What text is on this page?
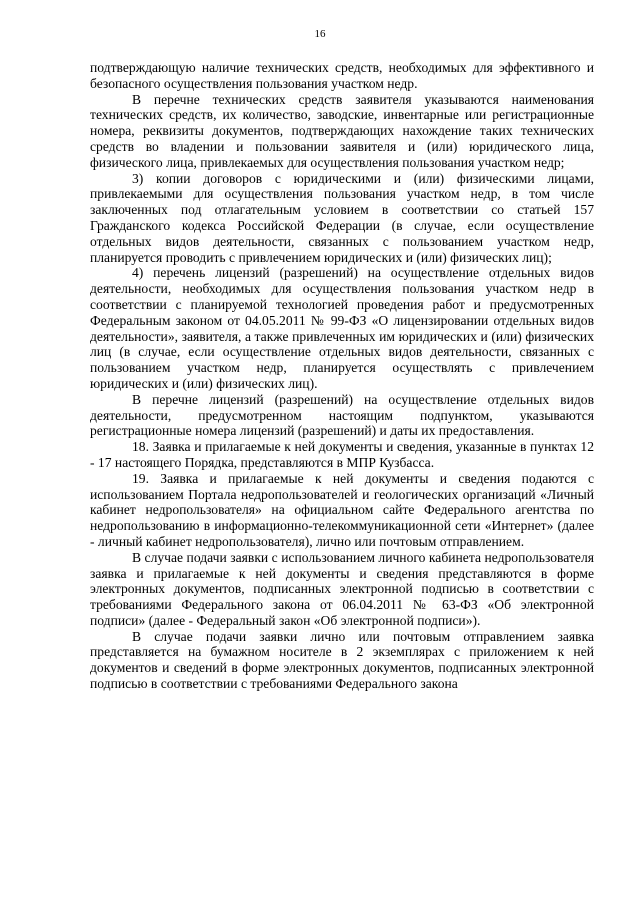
16

подтверждающую наличие технических средств, необходимых для эффективного и безопасного осуществления пользования участком недр.

В перечне технических средств заявителя указываются наименования технических средств, их количество, заводские, инвентарные или регистрационные номера, реквизиты документов, подтверждающих нахождение таких технических средств во владении и пользовании заявителя и (или) юридического лица, физического лица, привлекаемых для осуществления пользования участком недр;

3) копии договоров с юридическими и (или) физическими лицами, привлекаемыми для осуществления пользования участком недр, в том числе заключенных под отлагательным условием в соответствии со статьей 157 Гражданского кодекса Российской Федерации (в случае, если осуществление отдельных видов деятельности, связанных с пользованием участком недр, планируется проводить с привлечением юридических и (или) физических лиц);

4) перечень лицензий (разрешений) на осуществление отдельных видов деятельности, необходимых для осуществления пользования участком недр в соответствии с планируемой технологией проведения работ и предусмотренных Федеральным законом от 04.05.2011 № 99-ФЗ «О лицензировании отдельных видов деятельности», заявителя, а также привлеченных им юридических и (или) физических лиц (в случае, если осуществление отдельных видов деятельности, связанных с пользованием участком недр, планируется осуществлять с привлечением юридических и (или) физических лиц).

В перечне лицензий (разрешений) на осуществление отдельных видов деятельности, предусмотренном настоящим подпунктом, указываются регистрационные номера лицензий (разрешений) и даты их предоставления.

18. Заявка и прилагаемые к ней документы и сведения, указанные в пунктах 12 - 17 настоящего Порядка, представляются в МПР Кузбасса.

19. Заявка и прилагаемые к ней документы и сведения подаются с использованием Портала недропользователей и геологических организаций «Личный кабинет недропользователя» на официальном сайте Федерального агентства по недропользованию в информационно-телекоммуникационной сети «Интернет» (далее - личный кабинет недропользователя), лично или почтовым отправлением.

В случае подачи заявки с использованием личного кабинета недропользователя заявка и прилагаемые к ней документы и сведения представляются в форме электронных документов, подписанных электронной подписью в соответствии с требованиями Федерального закона от 06.04.2011 № 63-ФЗ «Об электронной подписи» (далее - Федеральный закон «Об электронной подписи»).

В случае подачи заявки лично или почтовым отправлением заявка представляется на бумажном носителе в 2 экземплярах с приложением к ней документов и сведений в форме электронных документов, подписанных электронной подписью в соответствии с требованиями Федерального закона
